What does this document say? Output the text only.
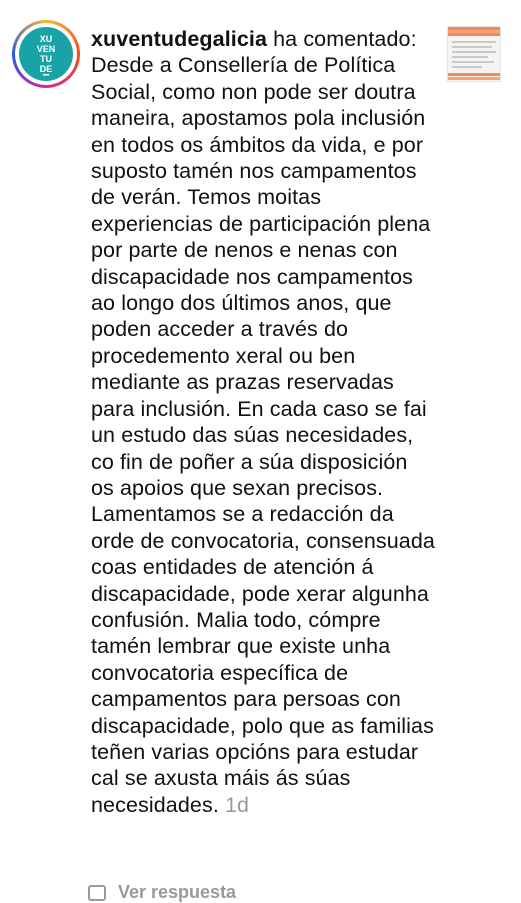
XU
VEN
TU
DE
xuventudegalicia ha comentado: Desde a Consellería de Política Social, como non pode ser doutra maneira, apostamos pola inclusión en todos os ámbitos da vida, e por suposto tamén nos campamentos de verán. Temos moitas experiencias de participación plena por parte de nenos e nenas con discapacidade nos campamentos ao longo dos últimos anos, que poden acceder a través do procedemento xeral ou ben mediante as prazas reservadas para inclusión. En cada caso se fai un estudo das súas necesidades, co fin de poñer a súa disposición os apoios que sexan precisos. Lamentamos se a redacción da orde de convocatoria, consensuada coas entidades de atención á discapacidade, pode xerar algunha confusión. Malia todo, cómpre tamén lembrar que existe unha convocatoria específica de campamentos para persoas con discapacidade, polo que as familias teñen varias opcións para estudar cal se axusta máis ás súas necesidades. 1d
Ver respuesta
